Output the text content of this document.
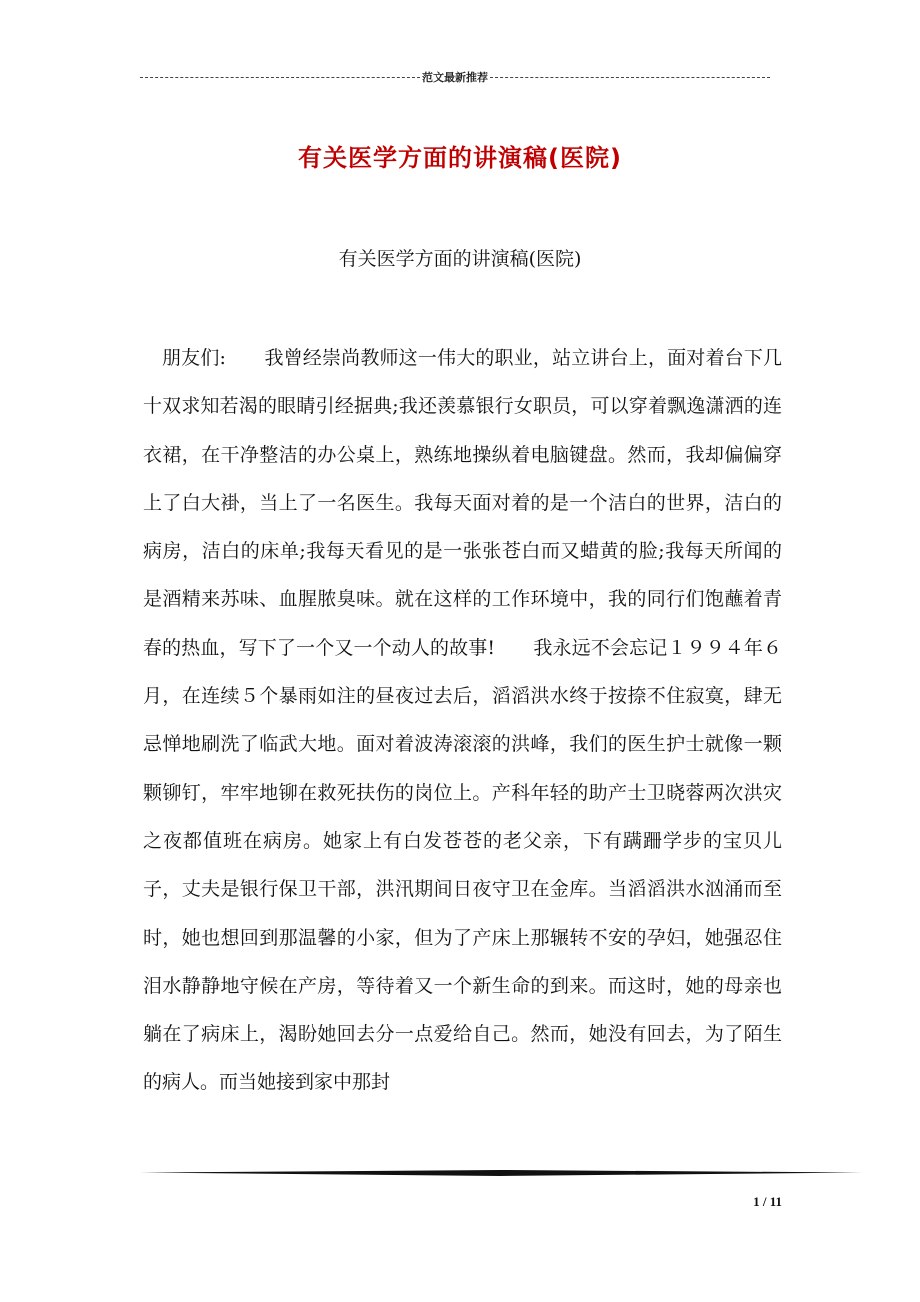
范文最新推荐
有关医学方面的讲演稿(医院)
有关医学方面的讲演稿(医院)

朋友们:　　我曾经崇尚教师这一伟大的职业，站立讲台上，面对着台下几十双求知若渴的眼睛引经据典;我还羡慕银行女职员，可以穿着飘逸潇洒的连衣裙，在干净整洁的办公桌上，熟练地操纵着电脑键盘。然而，我却偏偏穿上了白大褂，当上了一名医生。我每天面对着的是一个洁白的世界，洁白的病房，洁白的床单;我每天看见的是一张张苍白而又蜡黄的脸;我每天所闻的是酒精来苏味、血腥脓臭味。就在这样的工作环境中，我的同行们饱蘸着青春的热血，写下了一个又一个动人的故事!　　我永远不会忘记１９９４年６月，在连续５个暴雨如注的昼夜过去后，滔滔洪水终于按捺不住寂寞，肆无忌惮地刷洗了临武大地。面对着波涛滚滚的洪峰，我们的医生护士就像一颗颗铆钉，牢牢地铆在救死扶伤的岗位上。产科年轻的助产士卫晓蓉两次洪灾之夜都值班在病房。她家上有白发苍苍的老父亲，下有蹒跚学步的宝贝儿子，丈夫是银行保卫干部，洪汛期间日夜守卫在金库。当滔滔洪水汹涌而至时，她也想回到那温馨的小家，但为了产床上那辗转不安的孕妇，她强忍住泪水静静地守候在产房，等待着又一个新生命的到来。而这时，她的母亲也躺在了病床上，渴盼她回去分一点爱给自己。然而，她没有回去，为了陌生的病人。而当她接到家中那封

1 / 11
